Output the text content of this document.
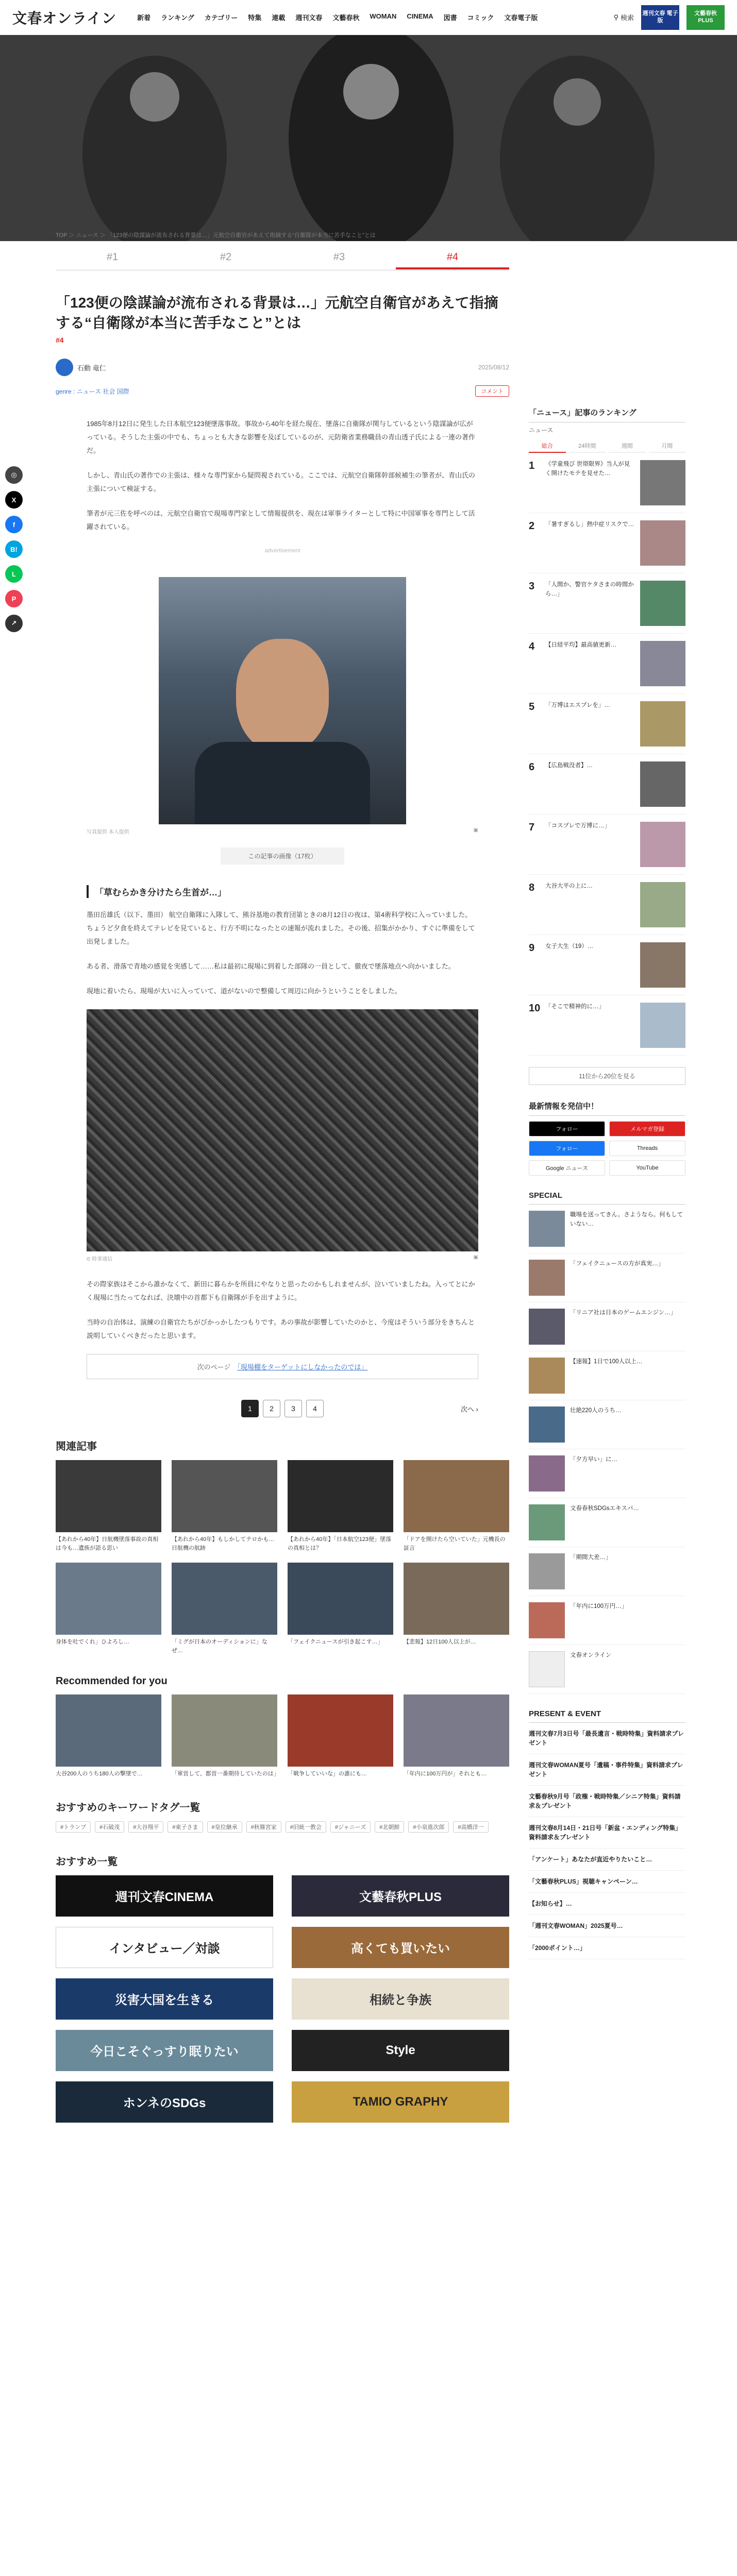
文春オンライン	新着 ランキング カテゴリー 特集 連載 週刊文春 文藝春秋 WOMAN CINEMA 図書 コミック 文春電子版	⚲ 検索
週刊文春 電子版
文藝春秋 PLUS
TOP ＞ ニュース ＞ 「123便の陰謀論が流布される背景は…」元航空自衛官があえて指摘する“自衛隊が本当に苦手なこと”とは
◎
X
f
B!
L
P
↗
#1	#2	#3	#4
「123便の陰謀論が流布される背景は…」元航空自衛官があえて指摘する“自衛隊が本当に苦手なこと”とは
#4
石動 竜仁	2025/08/12
genre : ニュース 社会 国際	コメント

1985年8月12日に発生した日本航空123便墜落事故。事故から40年を経た現在、墜落に自衛隊が関与しているという陰謀論が広がっている。そうした主張の中でも、ちょっとも大きな影響を及ぼしているのが、元防衛省業務職員の青山透子氏による一連の著作だ。

しかし、青山氏の著作での主張は、様々な専門家から疑問視されている。ここでは、元航空自衛隊幹部候補生の筆者が、青山氏の主張について検証する。

筆者が元三佐を呼べのは、元航空自衛官で現場専門家として情報提供を、現在は軍事ライターとして特に中国軍事を専門として活躍されている。

advertisement
写真提供 本人提供	▣
この記事の画像（17枚）
「草むらかき分けたら生首が…」

墨田岳雄氏（以下、墨田） 航空自衛隊に入隊して、熊谷基地の教育団第ときの8月12日の夜は、第4術科学校に入っていました。ちょうど夕食を終えてテレビを見ていると、行方不明になったとの速報が流れました。その後、招集がかかり、すぐに準備をして出発しました。

ある者、滑落で青地の感覚を実感して……私は最初に現場に到着した部隊の一員として、徹夜で墜落地点へ向かいました。

現地に着いたら、現場が大いに入っていて、道がないので整備して周辺に向かうということをしました。

© 時事通信	▣

その際家族はそこから誰かなくて、新田に暮らかを所員にやなりと思ったのかもしれませんが、泣いていましたね。入ってとにかく現場に当たってなれば、決壊中の首都下も自衛隊が手を出すように。

当時の自治体は、演練の自衛官たちがびかっかしたつもりです。あの事故が影響していたのかと、今度はそういう部分をきちんと説明していくべきだったと思います。

次のページ　 「現場棚をターゲットにしなかったのでは」
1	2	3	4	次へ ›
関連記事
【あれから40年】日航機墜落事故の真相は今も…遺族が語る思い
【あれから40年】もしかしてテロかも…日航機の航跡
【あれから40年】「日本航空123便」墜落の真相とは？
「ドアを開けたら空いていた」元機長の証言
身体を吐でくれ」ひよろし…	「ミグが日本のオーディションに」なぜ…
「フェイクニュースが引き起こす…」	【悲報】12日100人以上が…
Recommended for you
大谷200人のうち180人の撃墜で…	「軍営して、都営一番期待していたのは」 「戦争していいな」の誰にも…	「年内に100万円が」それとも…
おすすめのキーワードタグ一覧
#トランプ	#石破茂	#大谷翔平	#東子さま	#皇位継承	#秋篠宮家	#旧統一教会	#ジャニーズ	#北朝鮮	#小泉進次郎	#高橋洋一
おすすめ一覧
週刊文春CINEMA	文藝春秋PLUS
インタビュー／対談	高くても買いたい
災害大国を生きる	相続と争族
今日こそぐっすり眠りたい	Style
ホンネのSDGs	TAMIO GRAPHY
「ニュース」記事のランキング
ニュース
総合	24時間	週間	月間
1	《学童飛び 世帯限界》当人が見く開けたモテを見せた…
2	「暑すぎるし」熱中症リスクで…
3	「人間か、警官ケタさまの時間から…」
4	【日経平均】最高値更新…
5	「万博はエスプレを」…
6	【広島戦没者】…
7	「コスプレで万博に…」
8	大谷大平の上に…
9	女子大生（19）…
10 「そこで精神的に…」
11位から20位を見る
最新情報を発信中！
フォロー	メルマガ登録
フォロー	Threads
Google ニュース	YouTube
SPECIAL
職場を送ってきん。さようなら。何もしていない…
「フェイクニュースの方が真実…」
「リニア社は日本のゲームエンジン…」
【速報】1日で100人以上…
壮絶220人のうち…
「夕方早い」に…
文春春秋SDGsエキスパ…
「期間大差…」
「年内に100万円…」
文春オンライン
PRESENT & EVENT
週刊文春7月3日号「最長遺言・戦時特集」資料請求プレゼント
週刊文春WOMAN夏号「遺稿・事件特集」資料請求プレゼント
文藝春秋9月号「政権・戦時特集／シニア特集」資料請求＆プレゼント
週刊文春8月14日・21日号「新盆・エンディング特集」資料請求＆プレゼント
「アンケート」あなたが直近やりたいこと…
「文藝春秋PLUS」視聴キャンペーン…
【お知らせ】…
「週刊文春WOMAN」2025夏号…
「2000ポイント…」
